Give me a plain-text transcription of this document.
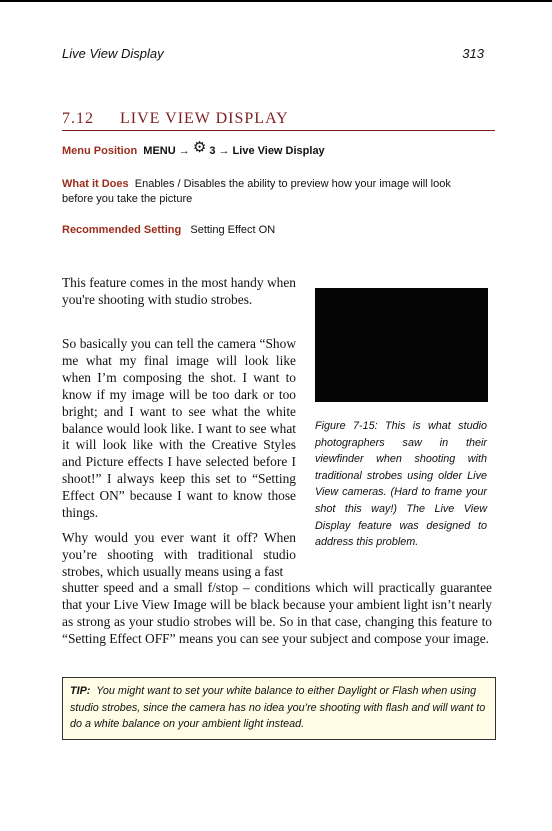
Live View Display	313
7.12 LIVE VIEW DISPLAY
Menu Position MENU → ⚙ 3 → Live View Display
What it Does Enables / Disables the ability to preview how your image will look before you take the picture
Recommended Setting Setting Effect ON

This feature comes in the most handy when you're shooting with studio strobes.

So basically you can tell the camera “Show me what my final image will look like when I’m composing the shot. I want to know if my image will be too dark or too bright; and I want to see what the white balance would look like. I want to see what it will look like with the Creative Styles and Picture effects I have selected before I shoot!” I always keep this set to “Setting Effect ON” because I want to know those things.

Why would you ever want it off? When you’re shooting with traditional studio strobes, which usually means using a fast

shutter speed and a small f/stop – conditions which will practically guarantee that your Live View Image will be black because your ambient light isn’t nearly as strong as your studio strobes will be. So in that case, changing this feature to “Setting Effect OFF” means you can see your subject and compose your image.

Figure 7-15: This is what studio photographers saw in their viewfinder when shooting with traditional strobes using older Live View cameras. (Hard to frame your shot this way!) The Live View Display feature was designed to address this problem.
TIP: You might want to set your white balance to either Daylight or Flash when using studio strobes, since the camera has no idea you’re shooting with flash and will want to do a white balance on your ambient light instead.
